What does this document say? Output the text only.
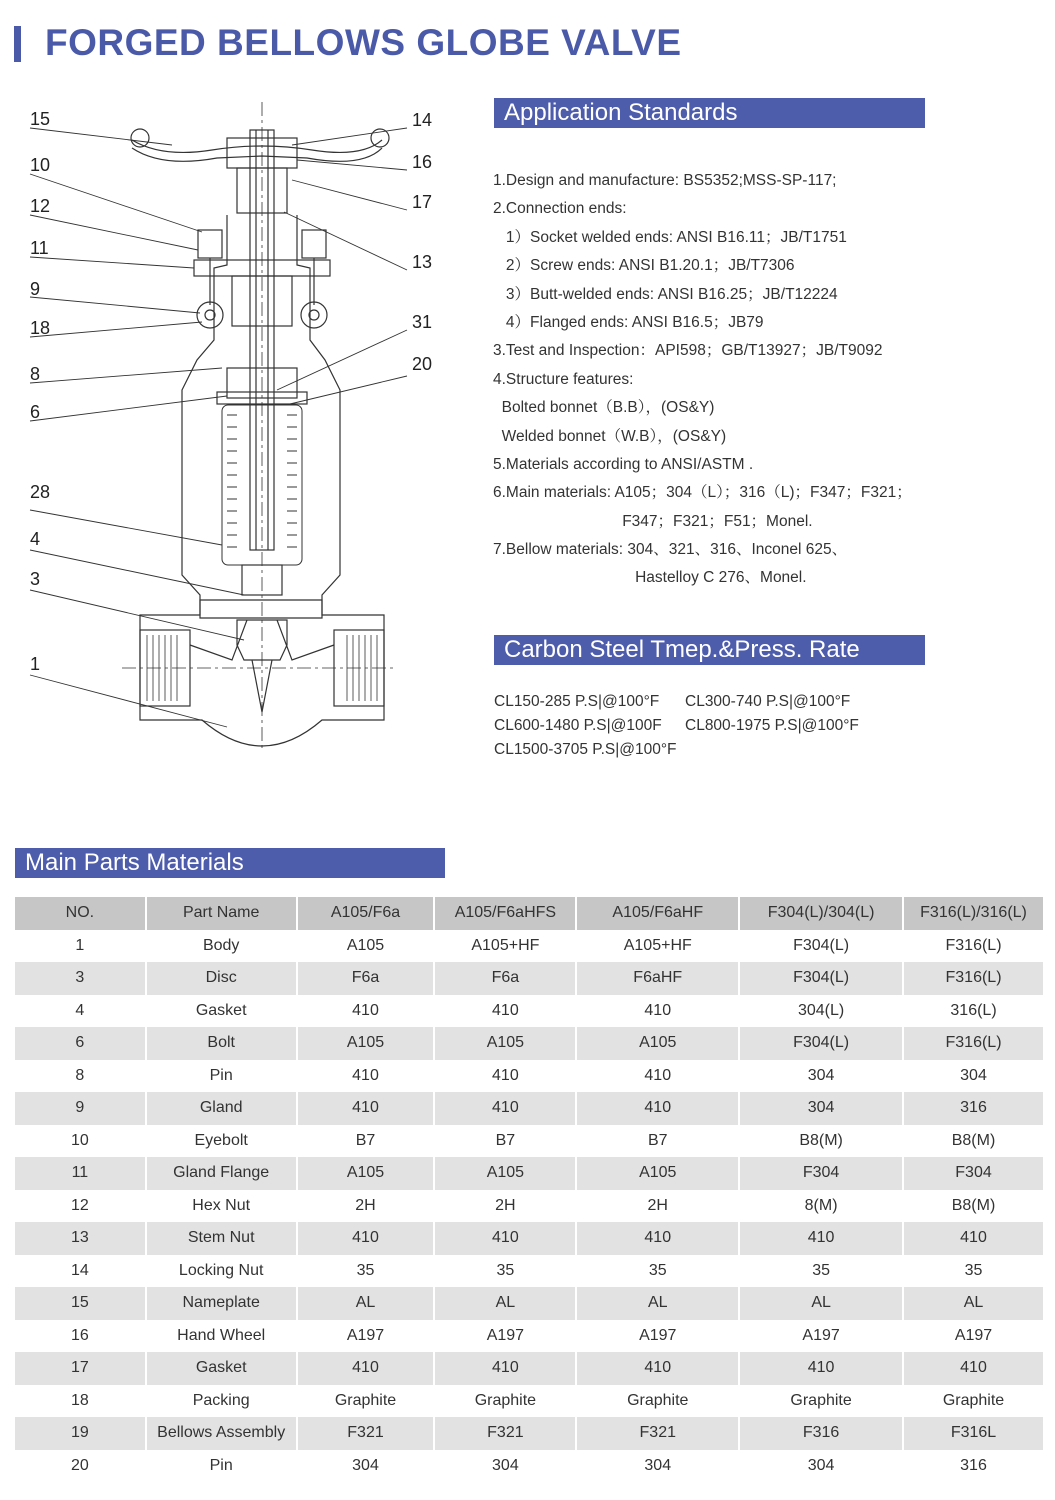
FORGED BELLOWS GLOBE VALVE
15
10
12
11
9
18
8
6
28
4
3
1
14
16
17
13
31
20
Application Standards
1.Design and manufacture: BS5352;MSS-SP-117;
2.Connection ends:
1）Socket welded ends: ANSI B16.11；JB/T1751
2）Screw ends: ANSI B1.20.1；JB/T7306
3）Butt-welded ends: ANSI B16.25；JB/T12224
4）Flanged ends: ANSI B16.5；JB79
3.Test and Inspection：API598；GB/T13927；JB/T9092
4.Structure features:
Bolted bonnet（B.B），(OS&Y)
Welded bonnet（W.B），(OS&Y)
5.Materials according to ANSI/ASTM .
6.Main materials: A105；304（L）；316（L)；F347；F321；
F347；F321；F51；Monel.
7.Bellow materials: 304、321、316、Inconel 625、
Hastelloy C 276、Monel.
Carbon Steel Tmep.&Press. Rate
CL150-285 P.S|@100°F CL300-740 P.S|@100°F
CL600-1480 P.S|@100F CL800-1975 P.S|@100°F
CL1500-3705 P.S|@100°F
Main Parts Materials
NO.	Part Name	A105/F6a	A105/F6aHFS	A105/F6aHF	F304(L)/304(L)	F316(L)/316(L)
1	Body	A105	A105+HF	A105+HF	F304(L)	F316(L)
3	Disc	F6a	F6a	F6aHF	F304(L)	F316(L)
4	Gasket	410	410	410	304(L)	316(L)
6	Bolt	A105	A105	A105	F304(L)	F316(L)
8	Pin	410	410	410	304	304
9	Gland	410	410	410	304	316
10	Eyebolt	B7	B7	B7	B8(M)	B8(M)
11	Gland Flange	A105	A105	A105	F304	F304
12	Hex Nut	2H	2H	2H	8(M)	B8(M)
13	Stem Nut	410	410	410	410	410
14	Locking Nut	35	35	35	35	35
15	Nameplate	AL	AL	AL	AL	AL
16	Hand Wheel	A197	A197	A197	A197	A197
17	Gasket	410	410	410	410	410
18	Packing	Graphite	Graphite	Graphite	Graphite	Graphite
19	Bellows Assembly	F321	F321	F321	F316	F316L
20	Pin	304	304	304	304	316
